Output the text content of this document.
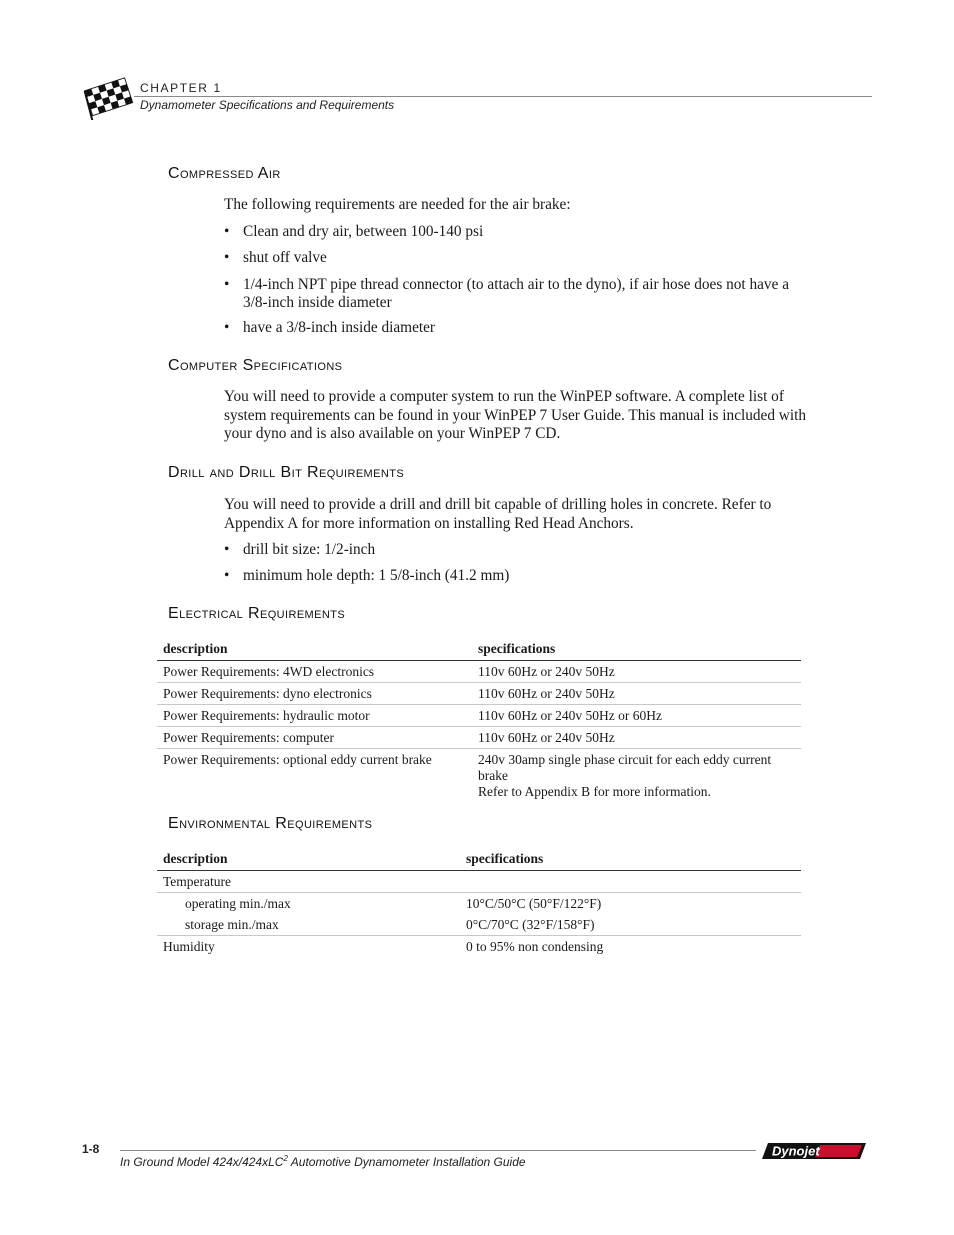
CHAPTER 1
Dynamometer Specifications and Requirements
Compressed Air
The following requirements are needed for the air brake:
• Clean and dry air, between 100-140 psi
• shut off valve
• 1/4-inch NPT pipe thread connector (to attach air to the dyno), if air hose does not have a 3/8-inch inside diameter
• have a 3/8-inch inside diameter
Computer Specifications
You will need to provide a computer system to run the WinPEP software. A complete list of system requirements can be found in your WinPEP 7 User Guide. This manual is included with your dyno and is also available on your WinPEP 7 CD.
Drill and Drill Bit Requirements
You will need to provide a drill and drill bit capable of drilling holes in concrete. Refer to Appendix A for more information on installing Red Head Anchors.
• drill bit size: 1/2-inch
• minimum hole depth: 1 5/8-inch (41.2 mm)
Electrical Requirements
description	specifications
Power Requirements: 4WD electronics	110v 60Hz or 240v 50Hz
Power Requirements: dyno electronics	110v 60Hz or 240v 50Hz
Power Requirements: hydraulic motor	110v 60Hz or 240v 50Hz or 60Hz
Power Requirements: computer	110v 60Hz or 240v 50Hz
Power Requirements: optional eddy current brake	240v 30amp single phase circuit for each eddy current brake
Refer to Appendix B for more information.
Environmental Requirements
description	specifications
Temperature	
operating min./max	10°C/50°C (50°F/122°F)
storage min./max	0°C/70°C (32°F/158°F)
Humidity	0 to 95% non condensing
1-8
In Ground Model 424x/424xLC$^2$ Automotive Dynamometer Installation Guide
Dynojet
